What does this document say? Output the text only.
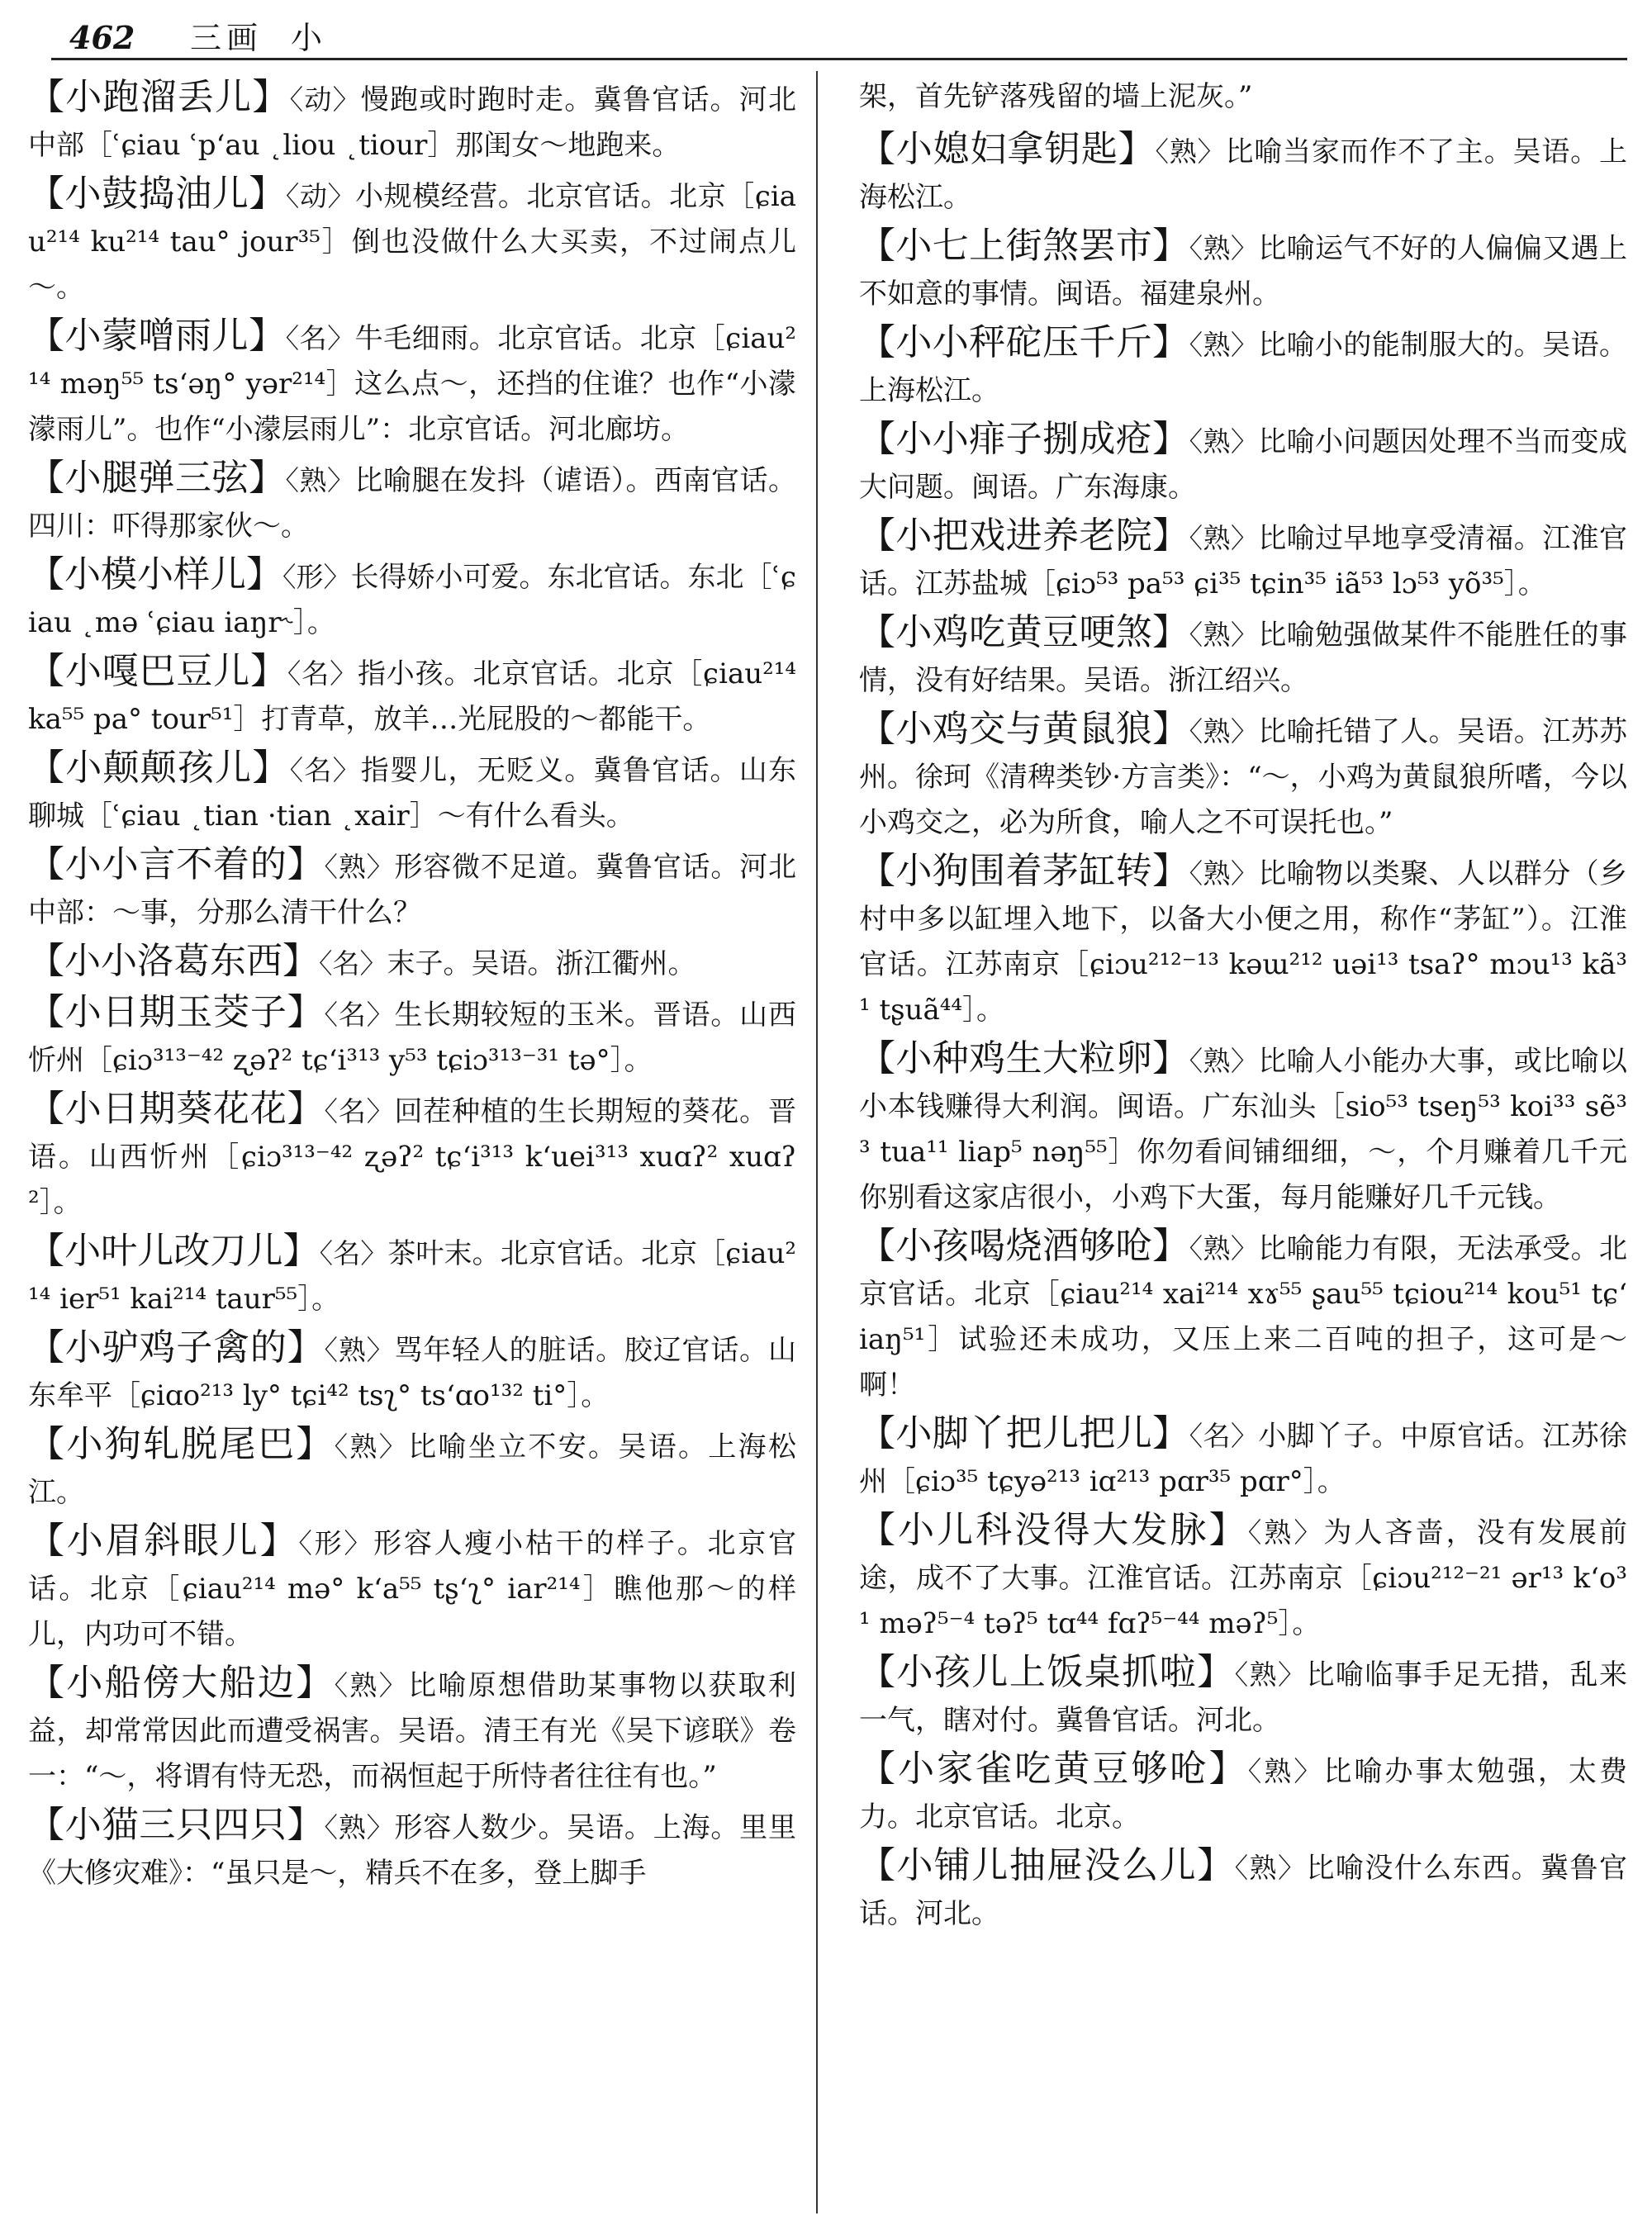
462 三画 小

【小跑溜丢儿】〈动〉慢跑或时跑时走。冀鲁官话。河北中部［ʿɕiau ʿpʻau ˛liou ˛tiour］那闺女～地跑来。

【小鼓捣油儿】〈动〉小规模经营。北京官话。北京［ɕiau²¹⁴ ku²¹⁴ tau° jour³⁵］倒也没做什么大买卖，不过闹点儿～。

【小蒙噌雨儿】〈名〉牛毛细雨。北京官话。北京［ɕiau²¹⁴ məŋ⁵⁵ tsʻəŋ° yər²¹⁴］这么点～，还挡的住谁？也作“小濛濛雨儿”。也作“小濛层雨儿”：北京官话。河北廊坊。

【小腿弹三弦】〈熟〉比喻腿在发抖（谑语）。西南官话。四川：吓得那家伙～。

【小模小样儿】〈形〉长得娇小可爱。东北官话。东北［ʿɕiau ˛mə ʿɕiau iaŋr˞］。

【小嘎巴豆儿】〈名〉指小孩。北京官话。北京［ɕiau²¹⁴ ka⁵⁵ pa° tour⁵¹］打青草，放羊…光屁股的～都能干。

【小颠颠孩儿】〈名〉指婴儿，无贬义。冀鲁官话。山东聊城［ʿɕiau ˛tian ·tian ˛xair］～有什么看头。

【小小言不着的】〈熟〉形容微不足道。冀鲁官话。河北中部：～事，分那么清干什么？

【小小洛葛东西】〈名〉末子。吴语。浙江衢州。

【小日期玉茭子】〈名〉生长期较短的玉米。晋语。山西忻州［ɕiɔ³¹³⁻⁴² ʐəʔ² tɕʻi³¹³ y⁵³ tɕiɔ³¹³⁻³¹ tə°］。

【小日期葵花花】〈名〉回茬种植的生长期短的葵花。晋语。山西忻州［ɕiɔ³¹³⁻⁴² ʐəʔ² tɕʻi³¹³ kʻuei³¹³ xuɑʔ² xuɑʔ²］。

【小叶儿改刀儿】〈名〉茶叶末。北京官话。北京［ɕiau²¹⁴ ier⁵¹ kai²¹⁴ taur⁵⁵］。

【小驴鸡子禽的】〈熟〉骂年轻人的脏话。胶辽官话。山东牟平［ɕiɑo²¹³ ly° tɕi⁴² tsʅ° tsʻɑo¹³² ti°］。

【小狗轧脱尾巴】〈熟〉比喻坐立不安。吴语。上海松江。

【小眉斜眼儿】〈形〉形容人瘦小枯干的样子。北京官话。北京［ɕiau²¹⁴ mə° kʻa⁵⁵ tʂʻʅ° iar²¹⁴］瞧他那～的样儿，内功可不错。

【小船傍大船边】〈熟〉比喻原想借助某事物以获取利益，却常常因此而遭受祸害。吴语。清王有光《吴下谚联》卷一：“～，将谓有恃无恐，而祸恒起于所恃者往往有也。”

【小猫三只四只】〈熟〉形容人数少。吴语。上海。里里《大修灾难》：“虽只是～，精兵不在多，登上脚手

架，首先铲落残留的墙上泥灰。”

【小媳妇拿钥匙】〈熟〉比喻当家而作不了主。吴语。上海松江。

【小七上街煞罢市】〈熟〉比喻运气不好的人偏偏又遇上不如意的事情。闽语。福建泉州。

【小小秤砣压千斤】〈熟〉比喻小的能制服大的。吴语。上海松江。

【小小痱子捌成疮】〈熟〉比喻小问题因处理不当而变成大问题。闽语。广东海康。

【小把戏进养老院】〈熟〉比喻过早地享受清福。江淮官话。江苏盐城［ɕiɔ⁵³ pa⁵³ ɕi³⁵ tɕin³⁵ iã⁵³ lɔ⁵³ yõ³⁵］。

【小鸡吃黄豆哽煞】〈熟〉比喻勉强做某件不能胜任的事情，没有好结果。吴语。浙江绍兴。

【小鸡交与黄鼠狼】〈熟〉比喻托错了人。吴语。江苏苏州。徐珂《清稗类钞·方言类》：“～，小鸡为黄鼠狼所嗜，今以小鸡交之，必为所食，喻人之不可误托也。”

【小狗围着茅缸转】〈熟〉比喻物以类聚、人以群分（乡村中多以缸埋入地下，以备大小便之用，称作“茅缸”）。江淮官话。江苏南京［ɕiɔu²¹²⁻¹³ kəɯ²¹² uəi¹³ tsaʔ° mɔu¹³ kã³¹ tʂuã⁴⁴］。

【小种鸡生大粒卵】〈熟〉比喻人小能办大事，或比喻以小本钱赚得大利润。闽语。广东汕头［sio⁵³ tseŋ⁵³ koi³³ sẽ³³ tua¹¹ liap⁵ nəŋ⁵⁵］你勿看间铺细细，～，个月赚着几千元你别看这家店很小，小鸡下大蛋，每月能赚好几千元钱。

【小孩喝烧酒够呛】〈熟〉比喻能力有限，无法承受。北京官话。北京［ɕiau²¹⁴ xai²¹⁴ xɤ⁵⁵ ʂau⁵⁵ tɕiou²¹⁴ kou⁵¹ tɕʻiaŋ⁵¹］试验还未成功，又压上来二百吨的担子，这可是～啊！

【小脚丫把儿把儿】〈名〉小脚丫子。中原官话。江苏徐州［ɕiɔ³⁵ tɕyə²¹³ iɑ²¹³ pɑr³⁵ pɑr°］。

【小儿科没得大发脉】〈熟〉为人吝啬，没有发展前途，成不了大事。江淮官话。江苏南京［ɕiɔu²¹²⁻²¹ ər¹³ kʻo³¹ məʔ⁵⁻⁴ təʔ⁵ tɑ⁴⁴ fɑʔ⁵⁻⁴⁴ məʔ⁵］。

【小孩儿上饭桌抓啦】〈熟〉比喻临事手足无措，乱来一气，瞎对付。冀鲁官话。河北。

【小家雀吃黄豆够呛】〈熟〉比喻办事太勉强，太费力。北京官话。北京。

【小铺儿抽屉没么儿】〈熟〉比喻没什么东西。冀鲁官话。河北。
